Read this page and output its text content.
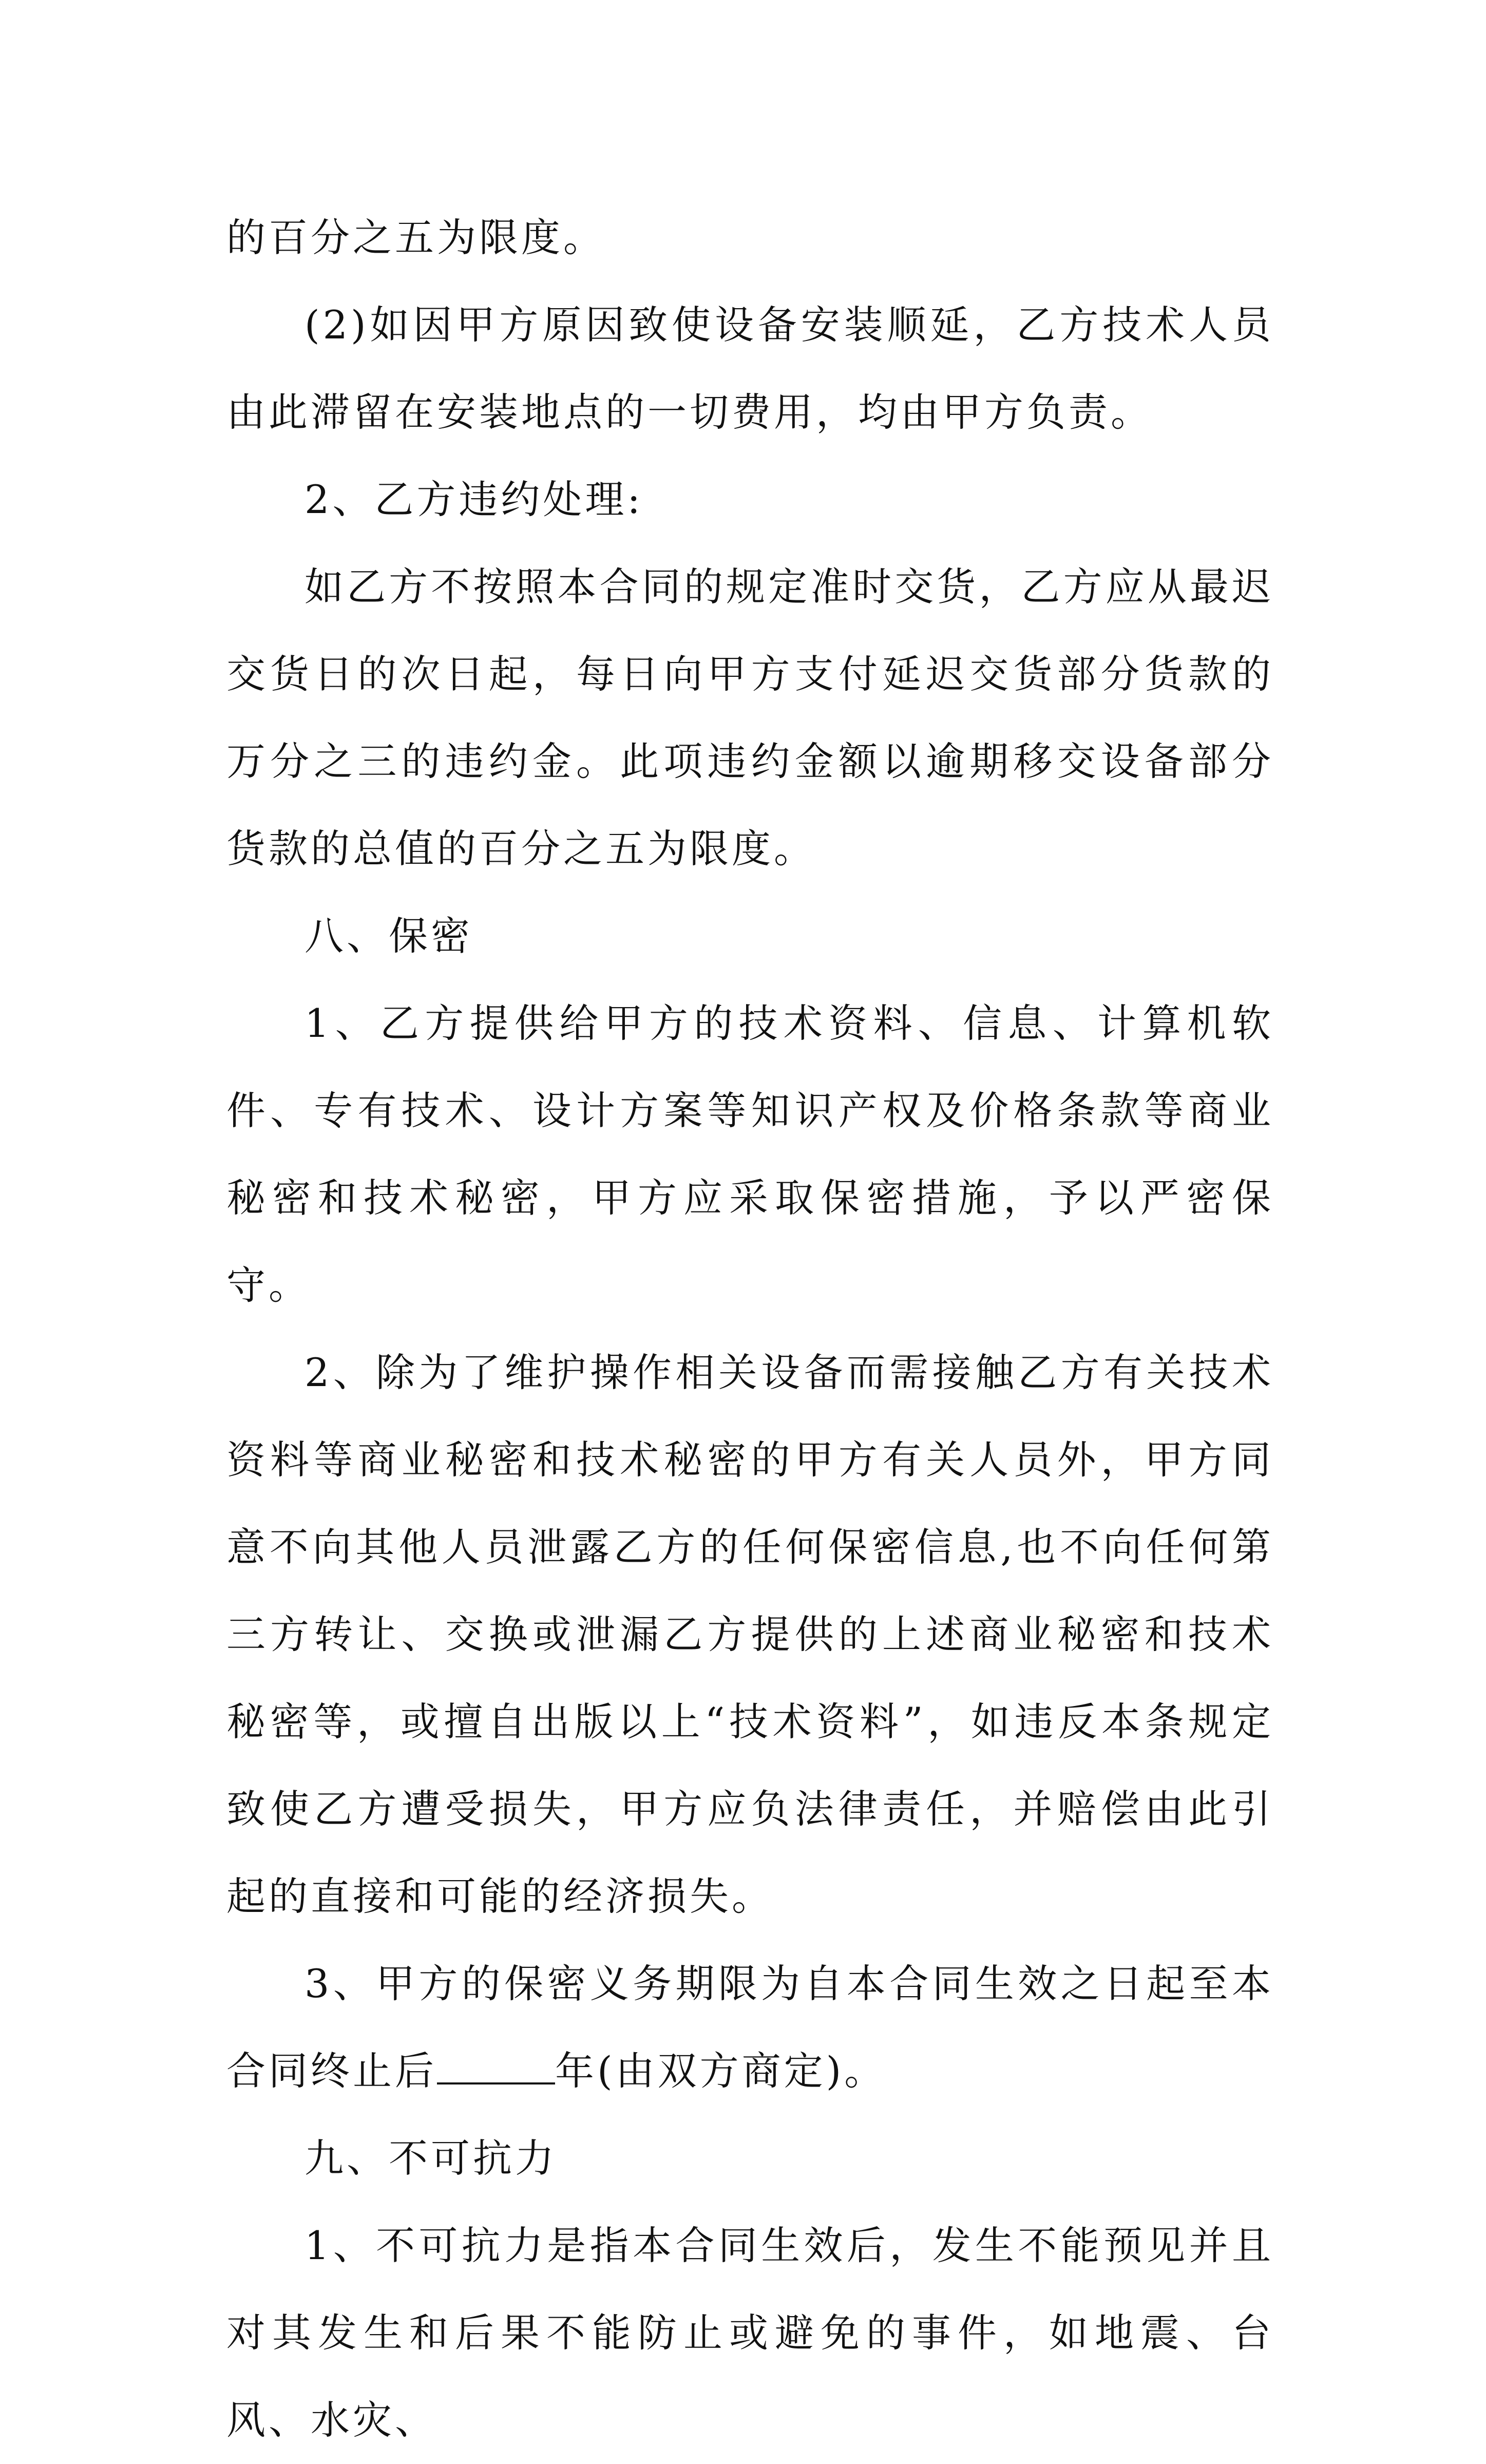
的百分之五为限度。

(2)如因甲方原因致使设备安装顺延，乙方技术人员由此滞留在安装地点的一切费用，均由甲方负责。

2、乙方违约处理:

如乙方不按照本合同的规定准时交货，乙方应从最迟交货日的次日起，每日向甲方支付延迟交货部分货款的万分之三的违约金。此项违约金额以逾期移交设备部分货款的总值的百分之五为限度。

八、保密

1、乙方提供给甲方的技术资料、信息、计算机软件、专有技术、设计方案等知识产权及价格条款等商业秘密和技术秘密，甲方应采取保密措施，予以严密保守。

2、除为了维护操作相关设备而需接触乙方有关技术资料等商业秘密和技术秘密的甲方有关人员外，甲方同意不向其他人员泄露乙方的任何保密信息,也不向任何第三方转让、交换或泄漏乙方提供的上述商业秘密和技术秘密等，或擅自出版以上“技术资料”，如违反本条规定致使乙方遭受损失，甲方应负法律责任，并赔偿由此引起的直接和可能的经济损失。

3、甲方的保密义务期限为自本合同生效之日起至本合同终止后	年(由双方商定)。

九、不可抗力

1、不可抗力是指本合同生效后，发生不能预见并且对其发生和后果不能防止或避免的事件，如地震、台风、水灾、
